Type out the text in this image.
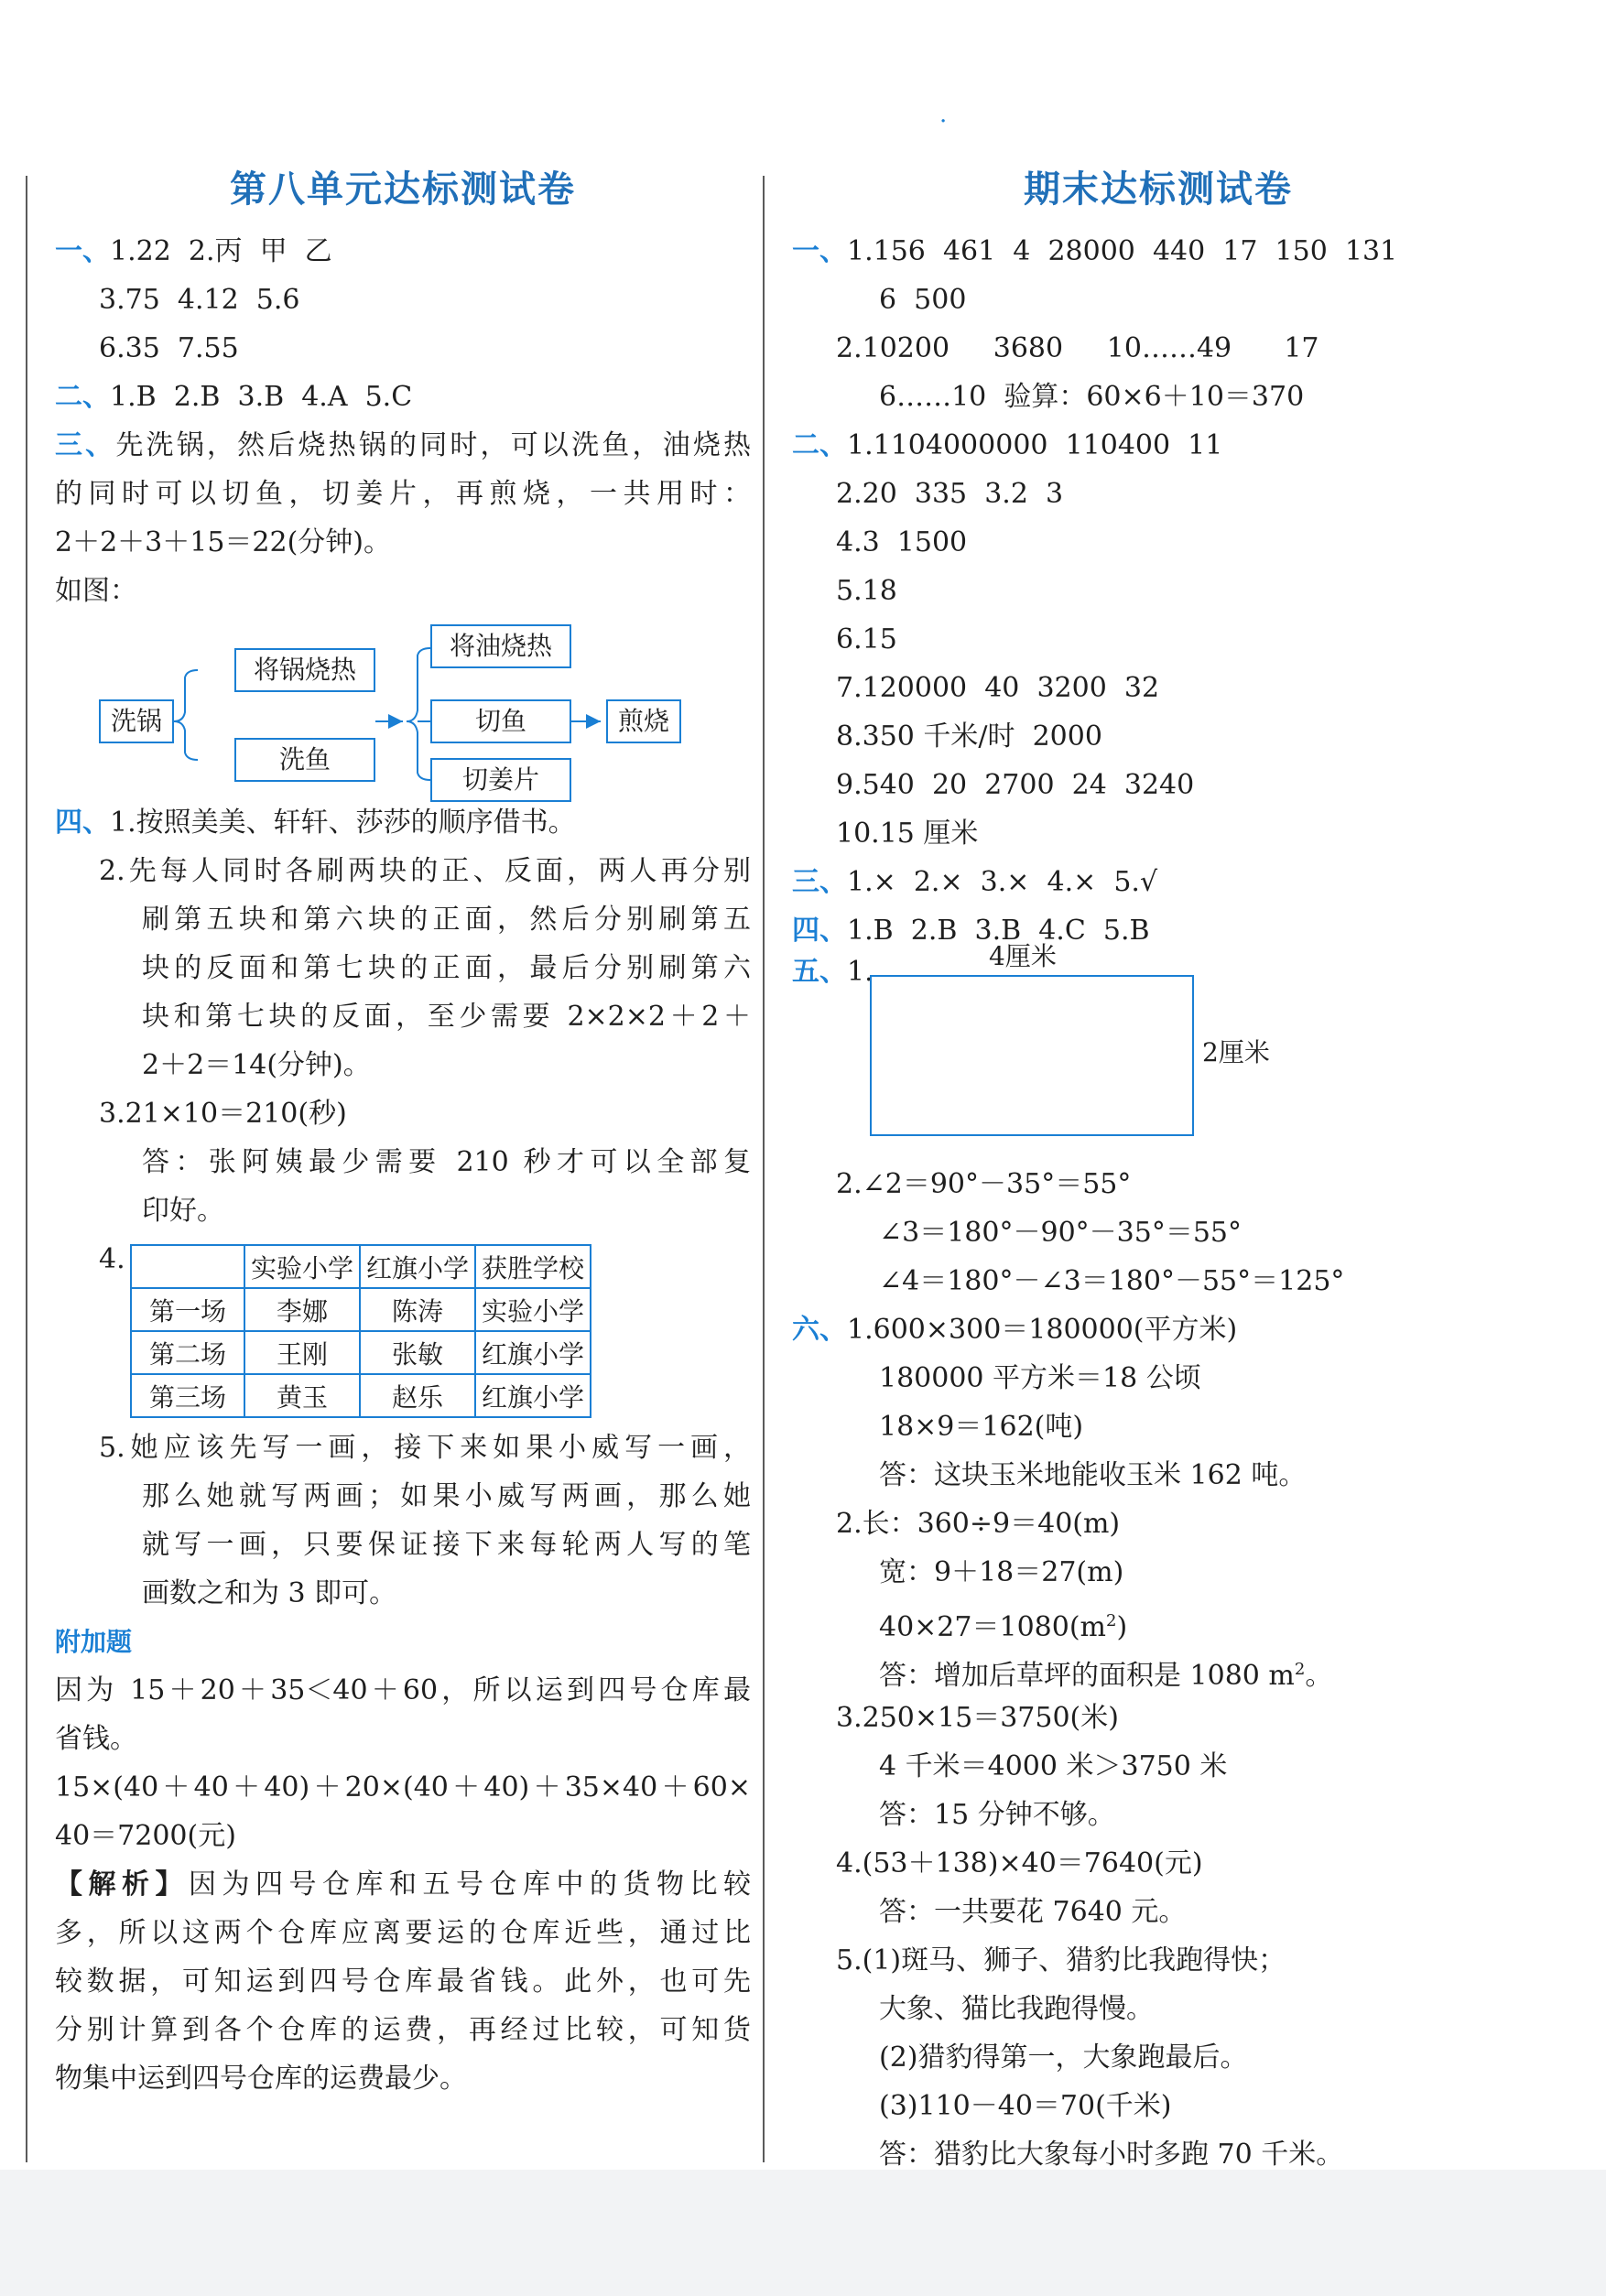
·
第八单元达标测试卷
一、1.22  2.丙  甲  乙
3.75  4.12  5.6
6.35  7.55
二、1.B  2.B  3.B  4.A  5.C
三、先洗锅，然后烧热锅的同时，可以洗鱼，油烧热
的同时可以切鱼，切姜片，再煎烧，一共用时：
2＋2＋3＋15＝22(分钟)。
如图：
洗锅
将锅烧热
洗鱼
将油烧热
切鱼
切姜片
煎烧
四、1.按照美美、轩轩、莎莎的顺序借书。
2.先每人同时各刷两块的正、反面，两人再分别
刷第五块和第六块的正面，然后分别刷第五
块的反面和第七块的正面，最后分别刷第六
块和第七块的反面，至少需要 2×2×2＋2＋
2＋2＝14(分钟)。
3.21×10＝210(秒)
答：张阿姨最少需要 210 秒才可以全部复
印好。
4.
		实验小学	红旗小学	获胜学校
第一场	李娜	陈涛	实验小学
第二场	王刚	张敏	红旗小学
第三场	黄玉	赵乐	红旗小学
5.她应该先写一画，接下来如果小威写一画，
那么她就写两画；如果小威写两画，那么她
就写一画，只要保证接下来每轮两人写的笔
画数之和为 3 即可。
附加题
因为 15＋20＋35＜40＋60，所以运到四号仓库最
省钱。
15×(40＋40＋40)＋20×(40＋40)＋35×40＋60×
40＝7200(元)
【解析】因为四号仓库和五号仓库中的货物比较
多，所以这两个仓库应离要运的仓库近些，通过比
较数据，可知运到四号仓库最省钱。此外，也可先
分别计算到各个仓库的运费，再经过比较，可知货
物集中运到四号仓库的运费最少。
期末达标测试卷
一、1.156  461  4  28000  440  17  150  131
6  500
2.10200     3680     10……49      17
6……10  验算：60×6＋10＝370
二、1.1104000000  110400  11
2.20  335  3.2  3
4.3  1500
5.18
6.15
7.120000  40  3200  32
8.350 千米/时  2000
9.540  20  2700  24  3240
10.15 厘米
三、1.×  2.×  3.×  4.×  5.√
四、1.B  2.B  3.B  4.C  5.B
五、1.	4厘米
2厘米
2.∠2＝90°－35°＝55°
∠3＝180°－90°－35°＝55°
∠4＝180°－∠3＝180°－55°＝125°
六、1.600×300＝180000(平方米)
180000 平方米＝18 公顷
18×9＝162(吨)
答：这块玉米地能收玉米 162 吨。
2.长：360÷9＝40(m)
宽：9＋18＝27(m)
$40\times 27=1080(m^2)$
答：增加后草坪的面积是 1080 $m^2$。
3.250×15＝3750(米)
4 千米＝4000 米＞3750 米
答：15 分钟不够。
4.(53＋138)×40＝7640(元)
答：一共要花 7640 元。
5.(1)斑马、狮子、猎豹比我跑得快；
大象、猫比我跑得慢。
(2)猎豹得第一，大象跑最后。
(3)110－40＝70(千米)
答：猎豹比大象每小时多跑 70 千米。
